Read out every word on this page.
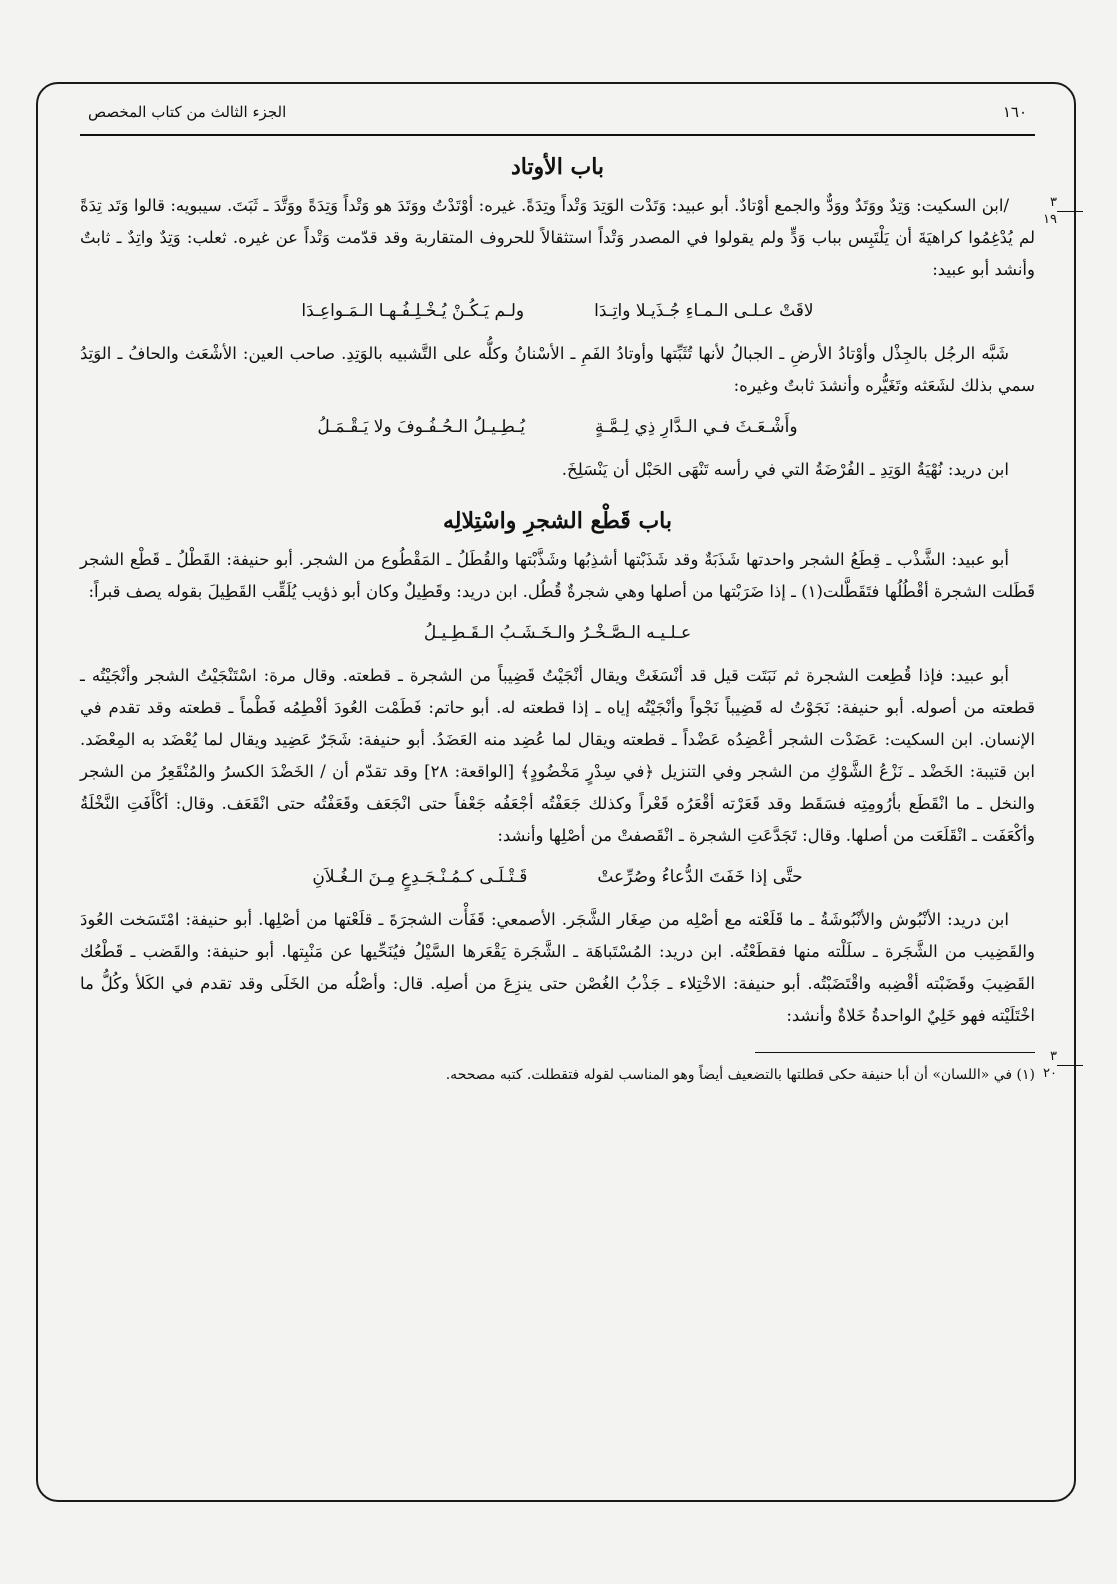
١٦٠
الجزء الثالث من كتاب المخصص
باب الأوتاد

٣
١٩
/ابن السكيت: وَتِدٌ ووَتَدٌ ووَدٌّ والجمع أوْتادٌ. أبو عبيد: وَتَدْت الوَتِدَ وَتْداً وتِدَةً. غيره: أوْتَدْتُ ووَتَدَ هو وَتْداً وَتِدَةً ووَتَّدَ ـ ثَبَتَ. سيبويه: قالوا وَتَد تِدَةً لم يُدْغِمُوا كراهيَةَ أن يَلْتَبِس بباب وَدٍّ ولم يقولوا في المصدر وَتْداً استثقالاً للحروف المتقاربة وقد قدّمت وَتْداً عن غيره. ثعلب: وَتِدٌ واتِدٌ ـ ثابتٌ وأنشد أبو عبيد:

لاقَتْ عـلـى الـمـاءِ جُـذَيـلا واتِـدَا
ولـم يَـكُـنْ يُـخْـلِـفُـهـا الـمَـواعِـدَا

شَبَّه الرجُل بالجِذْل وأوْتادُ الأرضِ ـ الجبالُ لأنها تُثَبِّتها وأوتادُ الفَمِ ـ الأسْنانُ وكلُّه على التَّشبيه بالوَتِدِ. صاحب العين: الأشْعَث والحافُ ـ الوَتِدُ سمي بذلك لشَعَثه وتَغَيُّره وأنشدَ ثابتٌ وغيره:

وأَشْـعَـثَ فـي الـدَّارِ ذِي لِـمَّـةٍ
يُـطِـيـلُ الـحُـفُـوفَ ولا يَـقْـمَـلُ

ابن دريد: نُهْيَةُ الوَتِدِ ـ الفُرْضَةُ التي في رأسه تَنْهَى الحَبْل أن يَنْسَلِخَ.

باب قَطْع الشجرِ واسْتِلالِه

أبو عبيد: الشَّذْب ـ قِطَعُ الشجر واحدتها شَذَبَةٌ وقد شَذَبْتها أشذِبُها وشَذَّبْتها والقُطَلُ ـ المَقْطُوع من الشجر. أبو حنيفة: القَطْلُ ـ قَطْع الشجر قَطَلت الشجرة أقْطُلُها فتَقَطَّلت(١) ـ إذا ضَرَبْتها من أصلها وهي شجرةٌ قُطُل. ابن دريد: وقَطِيلٌ وكان أبو ذؤيب يُلَقِّب القَطِيلَ بقوله يصف قبراً:

عـلـيـه الـصَّـخْـرُ والـخَـشَـبُ الـقَـطِـيـلُ

٣
٢٠
أبو عبيد: فإذا قُطِعت الشجرة ثم نَبَتَت قيل قد أنْسَغَتْ ويقال أنْجَيْتُ قَضِيباً من الشجرة ـ قطعته. وقال مرة: اسْتَنْجَيْتُ الشجر وأنْجَيْتُه ـ قطعته من أصوله. أبو حنيفة: نَجَوْتُ له قَضِيباً نَجْواً وأنْجَيْتُه إياه ـ إذا قطعته له. أبو حاتم: فَطَمْت العُودَ أفْطِمُه فَطْماً ـ قطعته وقد تقدم في الإنسان. ابن السكيت: عَضَدْت الشجر أعْضِدُه عَضْداً ـ قطعته ويقال لما عُضِد منه العَضَدُ. أبو حنيفة: شَجَرٌ عَضِيد ويقال لما يُعْضَد به المِعْضَد. ابن قتيبة: الخَضْد ـ نَزْعُ الشَّوْكِ من الشجر وفي التنزيل ﴿في سِدْرٍ مَخْضُودٍ﴾ [الواقعة: ٢٨] وقد تقدّم أن / الخَضْدَ الكسرُ والمُنْقَعِرُ من الشجر والنخل ـ ما انْقَطَع بأرُومِتِه فسَقَط وقد قَعَرْته أقْعَرُه قَعْراً وكذلك جَعَفْتُه أجْعَفُه جَعْفاً حتى انْجَعَف وقَعَفْتُه حتى انْقَعَف. وقال: أكْأَفَتِ النَّخْلَةُ وأكْعَفَت ـ انْقَلَعَت من أصلها. وقال: تَجَدَّعَتِ الشجرة ـ انْقَصفتْ من أصْلِها وأنشد:

حتَّى إذا خَفَتَ الدُّعاءُ وصُرِّعتْ
قَـتْـلَـى كـمُـنْـجَـدِعٍ مِـنَ الـغُـلاَنِ

ابن دريد: الأنْبُوش والأنْبُوشَةُ ـ ما قَلَعْته مع أصْلِه من صِغَار الشَّجَر. الأصمعي: قَفَأْت الشجرَةَ ـ قلَعْتها من أصْلِها. أبو حنيفة: امْتَسَخت العُودَ والقَضِيب من الشَّجَرة ـ سلَلْته منها فقطَعْتُه. ابن دريد: المُسْتَباهَة ـ الشَّجَرة يَقْعَرها السَّيْلُ فيُنَحِّيها عن مَنْبِتها. أبو حنيفة: والقَضب ـ قَطْعُك القَضِيبَ وقَضَبْته أقْضِبه واقْتَضَبْتُه. أبو حنيفة: الاخْتِلاء ـ جَذْبُ الغُصْن حتى ينزِعَ من أصلِه. قال: وأصْلُه من الخَلَى وقد تقدم في الكَلأ وكُلُّ ما اخْتَلَيْته فهو خَلِيٌ الواحدةُ خَلاةٌ وأنشد:

(١) في «اللسان» أن أبا حنيفة حكى قطلتها بالتضعيف أيضاً وهو المناسب لقوله فتقطلت. كتبه مصححه.
